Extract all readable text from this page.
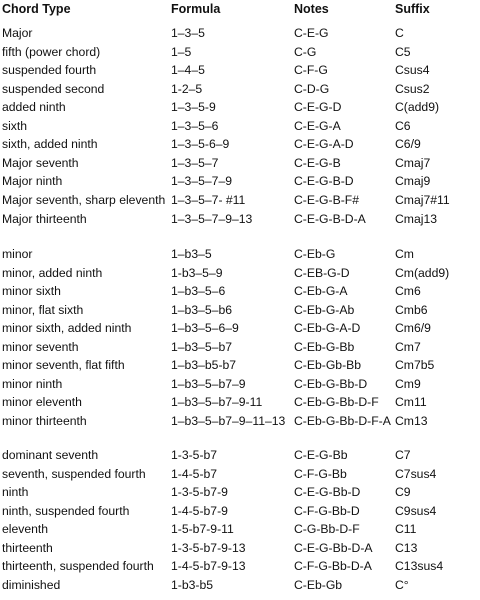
Chord Type	Formula	Notes	Suffix
Major	1–3–5	C-E-G	C
fifth (power chord)	1–5	C-G	C5
suspended fourth	1–4–5	C-F-G	Csus4
suspended second	1-2–5	C-D-G	Csus2
added ninth	1–3–5-9	C-E-G-D	C(add9)
sixth	1–3–5–6	C-E-G-A	C6
sixth, added ninth	1–3–5-6–9	C-E-G-A-D	C6/9
Major seventh	1–3–5–7	C-E-G-B	Cmaj7
Major ninth	1–3–5–7–9	C-E-G-B-D	Cmaj9
Major seventh, sharp eleventh 1–3–5–7- #11	C-E-G-B-F#	Cmaj7#11
Major thirteenth	1–3–5–7–9–13	C-E-G-B-D-A Cmaj13
minor	1–b3–5	C-Eb-G	Cm
minor, added ninth	1-b3–5–9	C-EB-G-D	Cm(add9)
minor sixth	1–b3–5–6	C-Eb-G-A	Cm6
minor, flat sixth	1–b3–5–b6	C-Eb-G-Ab	Cmb6
minor sixth, added ninth	1–b3–5–6–9	C-Eb-G-A-D	Cm6/9
minor seventh	1–b3–5–b7	C-Eb-G-Bb	Cm7
minor seventh, flat fifth	1–b3–b5-b7	C-Eb-Gb-Bb	Cm7b5
minor ninth	1–b3–5–b7–9	C-Eb-G-Bb-D Cm9
minor eleventh	1–b3–5–b7–9-11	C-Eb-G-Bb-D-F Cm11
minor thirteenth	1–b3–5–b7–9–11–13 C-Eb-G-Bb-D-F-A Cm13
dominant seventh	1-3-5-b7	C-E-G-Bb	C7
seventh, suspended fourth 1-4-5-b7	C-F-G-Bb	C7sus4
ninth	1-3-5-b7-9	C-E-G-Bb-D	C9
ninth, suspended fourth	1-4-5-b7-9	C-F-G-Bb-D	C9sus4
eleventh	1-5-b7-9-11	C-G-Bb-D-F	C11
thirteenth	1-3-5-b7-9-13	C-E-G-Bb-D-A C13
thirteenth, suspended fourth 1-4-5-b7-9-13	C-F-G-Bb-D-A C13sus4
diminished	1-b3-b5	C-Eb-Gb	C°
